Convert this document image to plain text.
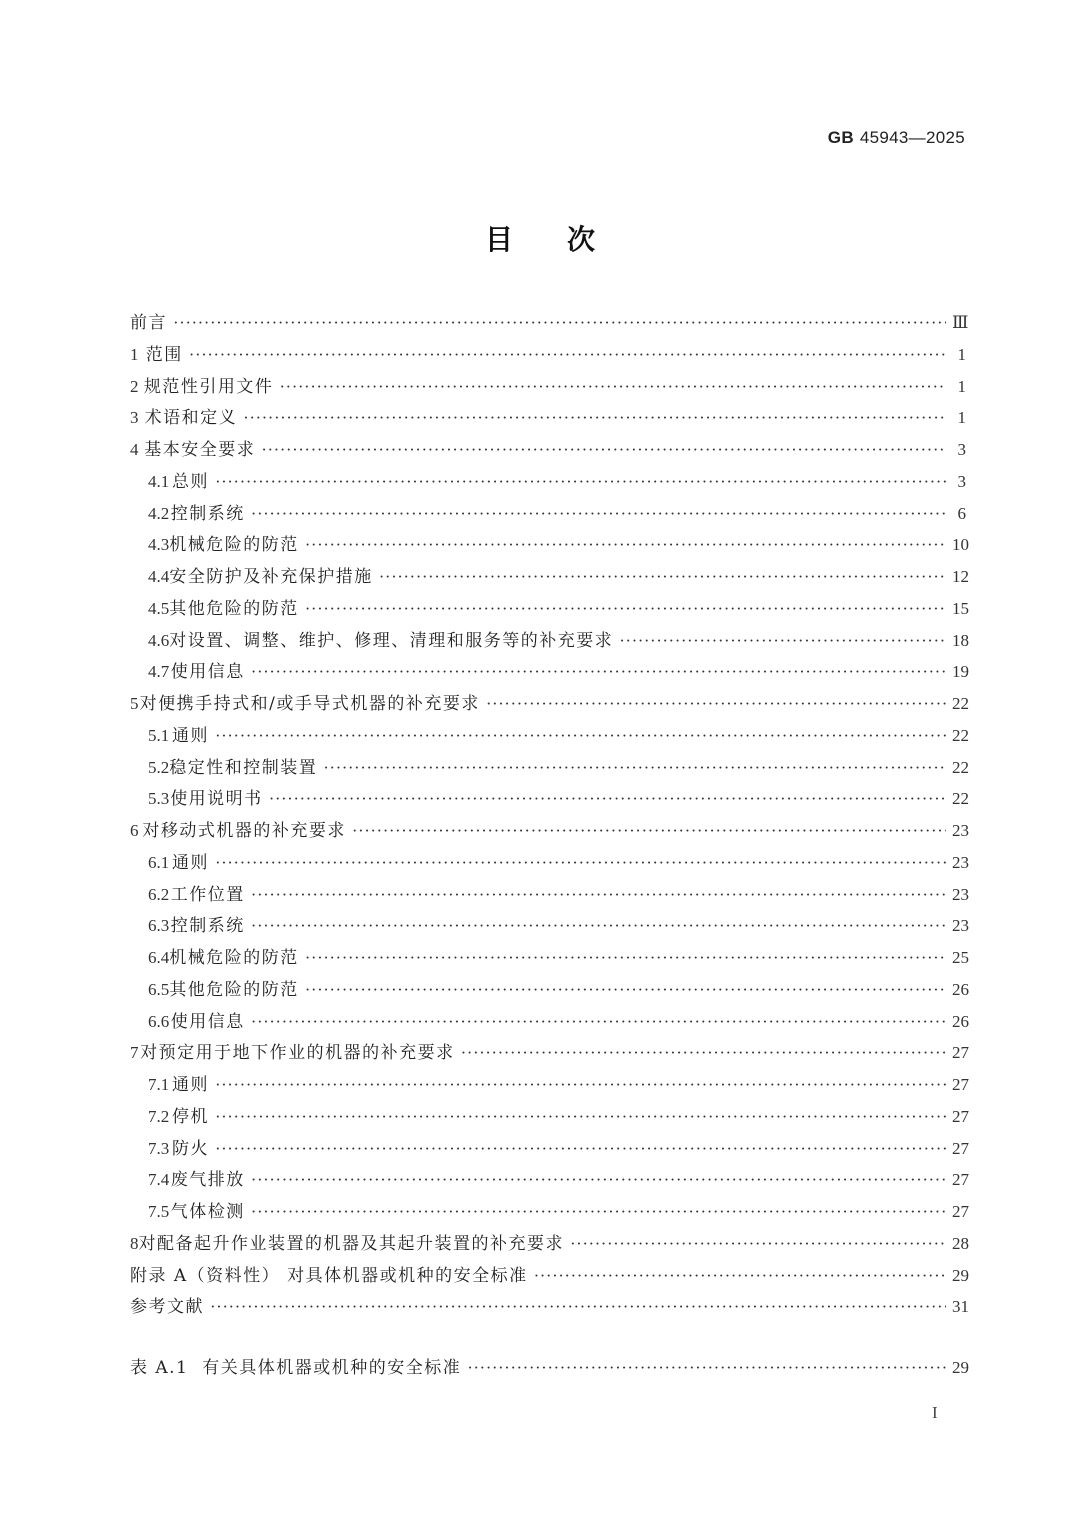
GB 45943—2025
目次
前言 ·····	Ⅲ
1 范围 ·····	1
2 规范性引用文件 ·····	1
3 术语和定义 ·····	1
4 基本安全要求 ·····	3
4.1 总则 ·····	3
4.2 控制系统 ·····	6
4.3 机械危险的防范 ·····	10
4.4 安全防护及补充保护措施 ·····	12
4.5 其他危险的防范 ·····	15
4.6 对设置、调整、维护、修理、清理和服务等的补充要求 ·····	18
4.7 使用信息 ·····	19
5 对便携手持式和/或手导式机器的补充要求 ·····	22
5.1 通则 ·····	22
5.2 稳定性和控制装置 ·····	22
5.3 使用说明书 ·····	22
6 对移动式机器的补充要求 ·····	23
6.1 通则 ·····	23
6.2 工作位置 ·····	23
6.3 控制系统 ·····	23
6.4 机械危险的防范 ·····	25
6.5 其他危险的防范 ·····	26
6.6 使用信息 ·····	26
7 对预定用于地下作业的机器的补充要求 ·····	27
7.1 通则 ·····	27
7.2 停机 ·····	27
7.3 防火 ·····	27
7.4 废气排放 ·····	27
7.5 气体检测 ·····	27
8 对配备起升作业装置的机器及其起升装置的补充要求 ·····	28
附录 A（资料性） 对具体机器或机种的安全标准 ·····	29
参考文献 ·····	31
表 A.1  有关具体机器或机种的安全标准 ·····	29
I
